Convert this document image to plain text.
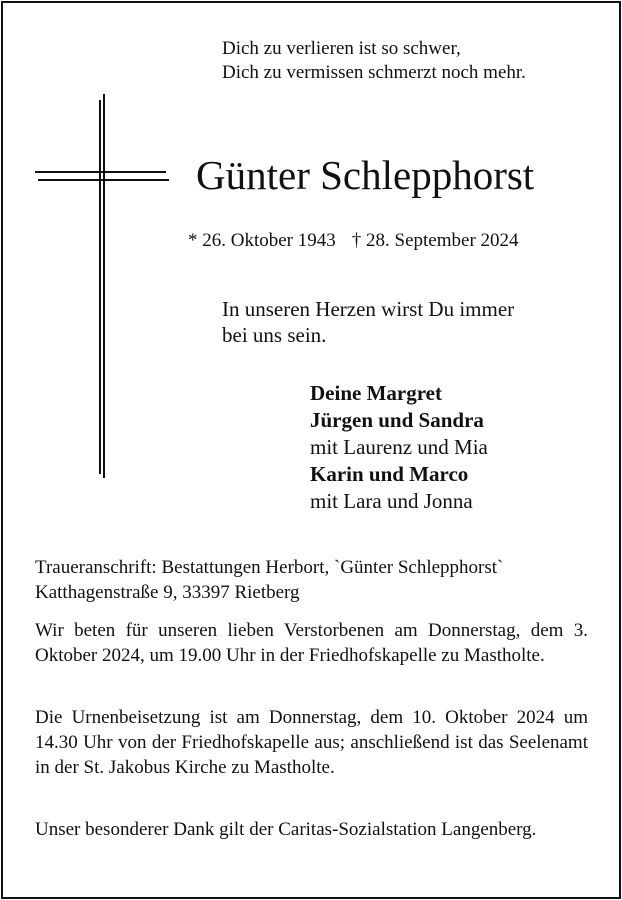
Dich zu verlieren ist so schwer,
Dich zu vermissen schmerzt noch mehr.
Günter Schlepphorst
* 26. Oktober 1943 † 28. September 2024
In unseren Herzen wirst Du immer
bei uns sein.
Deine Margret
Jürgen und Sandra
mit Laurenz und Mia
Karin und Marco
mit Lara und Jonna
Traueranschrift: Bestattungen Herbort, `Günter Schlepphorst`
Katthagenstraße 9, 33397 Rietberg
Wir beten für unseren lieben Verstorbenen am Donnerstag, dem 3. Oktober 2024, um 19.00 Uhr in der Friedhofskapelle zu Mastholte.
Die Urnenbeisetzung ist am Donnerstag, dem 10. Oktober 2024 um 14.30 Uhr von der Friedhofskapelle aus; anschließend ist das Seelenamt in der St. Jakobus Kirche zu Mastholte.
Unser besonderer Dank gilt der Caritas-Sozialstation Langenberg.
